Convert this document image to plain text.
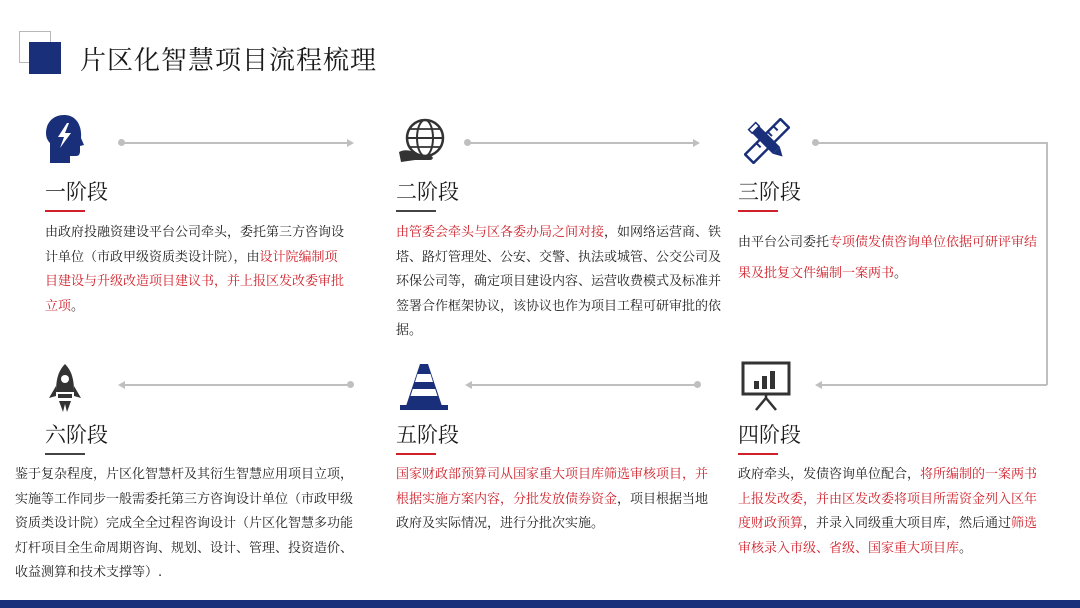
片区化智慧项目流程梳理
一阶段
由政府投融资建设平台公司牵头，委托第三方咨询设计单位（市政甲级资质类设计院），由设计院编制项目建设与升级改造项目建议书，并上报区发改委审批立项。
二阶段
由管委会牵头与区各委办局之间对接，如网络运营商、铁塔、路灯管理处、公安、交警、执法或城管、公交公司及环保公司等，确定项目建设内容、运营收费模式及标准并签署合作框架协议，该协议也作为项目工程可研审批的依据。
三阶段
由平台公司委托专项债发债咨询单位依据可研评审结果及批复文件编制一案两书。
六阶段
鉴于复杂程度，片区化智慧杆及其衍生智慧应用项目立项，实施等工作同步一般需委托第三方咨询设计单位（市政甲级资质类设计院）完成全全过程咨询设计（片区化智慧多功能灯杆项目全生命周期咨询、规划、设计、管理、投资造价、收益测算和技术支撑等）.
五阶段
国家财政部预算司从国家重大项目库筛选审核项目，并根据实施方案内容，分批发放债券资金，项目根据当地政府及实际情况，进行分批次实施。
四阶段
政府牵头，发债咨询单位配合，将所编制的一案两书上报发改委，并由区发改委将项目所需资金列入区年度财政预算，并录入同级重大项目库，然后通过筛选审核录入市级、省级、国家重大项目库。
